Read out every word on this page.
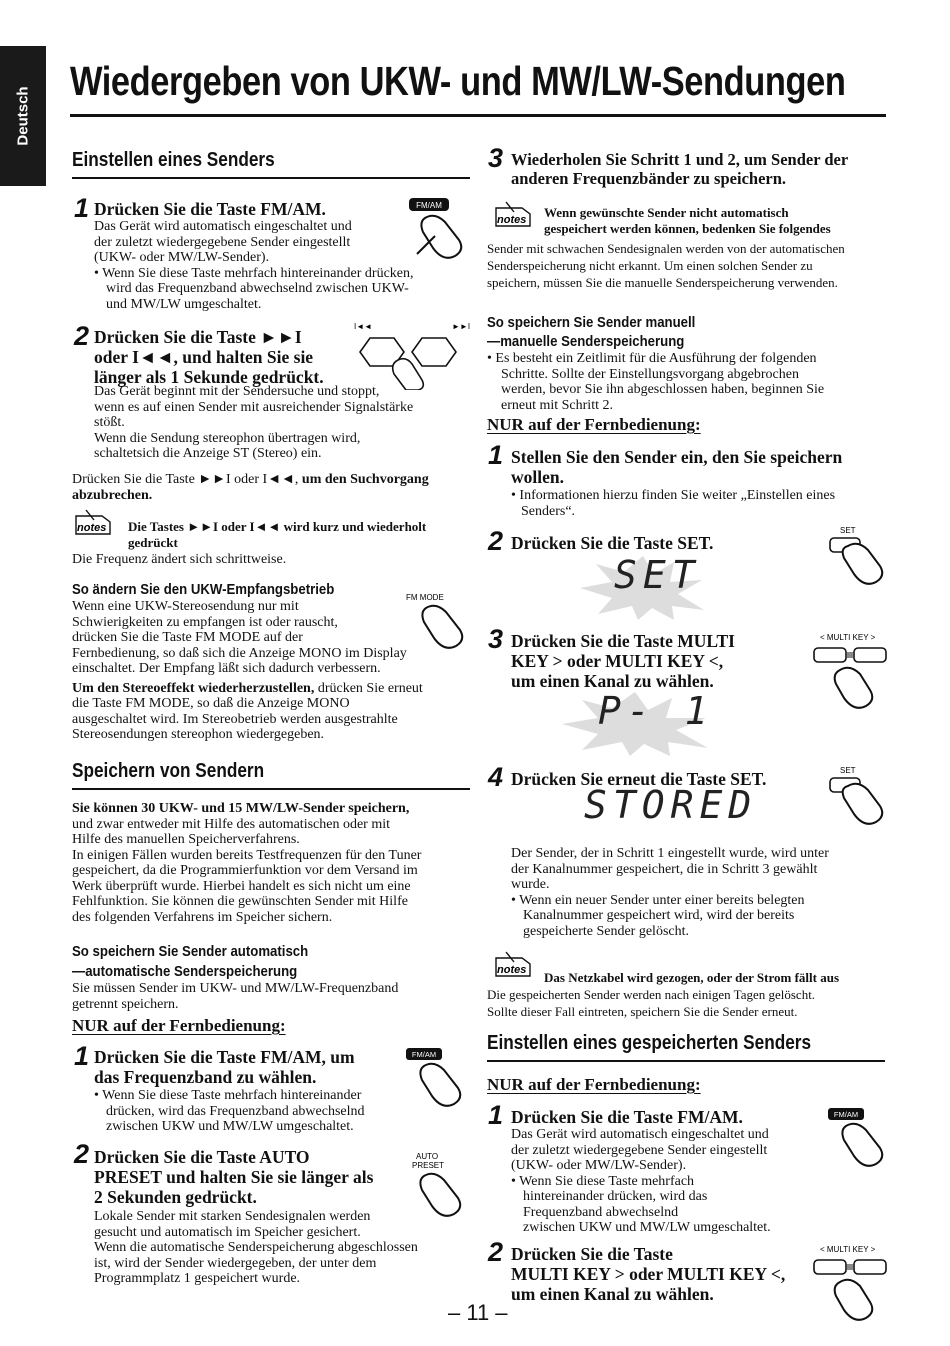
Deutsch
Wiedergeben von UKW- und MW/LW-Sendungen
Einstellen eines Senders
1 Drücken Sie die Taste FM/AM.
Das Gerät wird automatisch eingeschaltet und
der zuletzt wiedergegebene Sender eingestellt
(UKW- oder MW/LW-Sender).
• Wenn Sie diese Taste mehrfach hintereinander drücken,
wird das Frequenzband abwechselnd zwischen UKW-
und MW/LW umgeschaltet.
FM/AM
2 Drücken Sie die Taste ►►I
oder I◄◄, und halten Sie sie
länger als 1 Sekunde gedrückt.
Das Gerät beginnt mit der Sendersuche und stoppt,
wenn es auf einen Sender mit ausreichender Signalstärke
stößt.
Wenn die Sendung stereophon übertragen wird,
schaltetsich die Anzeige ST (Stereo) ein.
I◄◄	►►I
Drücken Sie die Taste ►►I oder I◄◄, um den Suchvorgang
abzubrechen.
notes Die Tastes ►►I oder I◄◄ wird kurz und wiederholt
gedrückt
Die Frequenz ändert sich schrittweise.
So ändern Sie den UKW-Empfangsbetrieb
Wenn eine UKW-Stereosendung nur mit
Schwierigkeiten zu empfangen ist oder rauscht,
drücken Sie die Taste FM MODE auf der
Fernbedienung, so daß sich die Anzeige MONO im Display
einschaltet. Der Empfang läßt sich dadurch verbessern.
Um den Stereoeffekt wiederherzustellen, drücken Sie erneut
die Taste FM MODE, so daß die Anzeige MONO
ausgeschaltet wird. Im Stereobetrieb werden ausgestrahlte
Stereosendungen stereophon wiedergegeben.
FM MODE
Speichern von Sendern
Sie können 30 UKW- und 15 MW/LW-Sender speichern,
und zwar entweder mit Hilfe des automatischen oder mit
Hilfe des manuellen Speicherverfahrens.
In einigen Fällen wurden bereits Testfrequenzen für den Tuner
gespeichert, da die Programmierfunktion vor dem Versand im
Werk überprüft wurde. Hierbei handelt es sich nicht um eine
Fehlfunktion. Sie können die gewünschten Sender mit Hilfe
des folgenden Verfahrens im Speicher sichern.
So speichern Sie Sender automatisch
—automatische Senderspeicherung
Sie müssen Sender im UKW- und MW/LW-Frequenzband
getrennt speichern.
NUR auf der Fernbedienung:
1 Drücken Sie die Taste FM/AM, um
das Frequenzband zu wählen.
• Wenn Sie diese Taste mehrfach hintereinander
drücken, wird das Frequenzband abwechselnd
zwischen UKW und MW/LW umgeschaltet.
FM/AM
2 Drücken Sie die Taste AUTO
PRESET und halten Sie sie länger als
2 Sekunden gedrückt.
Lokale Sender mit starken Sendesignalen werden
gesucht und automatisch im Speicher gesichert.
Wenn die automatische Senderspeicherung abgeschlossen
ist, wird der Sender wiedergegeben, der unter dem
Programmplatz 1 gespeichert wurde.
AUTO
PRESET
3 Wiederholen Sie Schritt 1 und 2, um Sender der
anderen Frequenzbänder zu speichern.
notes Wenn gewünschte Sender nicht automatisch
gespeichert werden können, bedenken Sie folgendes
Sender mit schwachen Sendesignalen werden von der automatischen
Senderspeicherung nicht erkannt. Um einen solchen Sender zu
speichern, müssen Sie die manuelle Senderspeicherung verwenden.
So speichern Sie Sender manuell
—manuelle Senderspeicherung
• Es besteht ein Zeitlimit für die Ausführung der folgenden
Schritte. Sollte der Einstellungsvorgang abgebrochen
werden, bevor Sie ihn abgeschlossen haben, beginnen Sie
erneut mit Schritt 2.
NUR auf der Fernbedienung:
1 Stellen Sie den Sender ein, den Sie speichern
wollen.
• Informationen hierzu finden Sie weiter „Einstellen eines
Senders“.
2 Drücken Sie die Taste SET.
SET
SET
3 Drücken Sie die Taste MULTI
KEY > oder MULTI KEY <,
um einen Kanal zu wählen.
< MULTI KEY >
P- 1
4 Drücken Sie erneut die Taste SET.	SET
STORED
Der Sender, der in Schritt 1 eingestellt wurde, wird unter
der Kanalnummer gespeichert, die in Schritt 3 gewählt
wurde.
• Wenn ein neuer Sender unter einer bereits belegten
Kanalnummer gespeichert wird, wird der bereits
gespeicherte Sender gelöscht.
notes Das Netzkabel wird gezogen, oder der Strom fällt aus
Die gespeicherten Sender werden nach einigen Tagen gelöscht.
Sollte dieser Fall eintreten, speichern Sie die Sender erneut.
Einstellen eines gespeicherten Senders
NUR auf der Fernbedienung:
1 Drücken Sie die Taste FM/AM.
Das Gerät wird automatisch eingeschaltet und
der zuletzt wiedergegebene Sender eingestellt
(UKW- oder MW/LW-Sender).
• Wenn Sie diese Taste mehrfach
hintereinander drücken, wird das
Frequenzband abwechselnd
zwischen UKW und MW/LW umgeschaltet.
FM/AM
2 Drücken Sie die Taste
MULTI KEY > oder MULTI KEY <,
um einen Kanal zu wählen.
< MULTI KEY >
– 11 –
